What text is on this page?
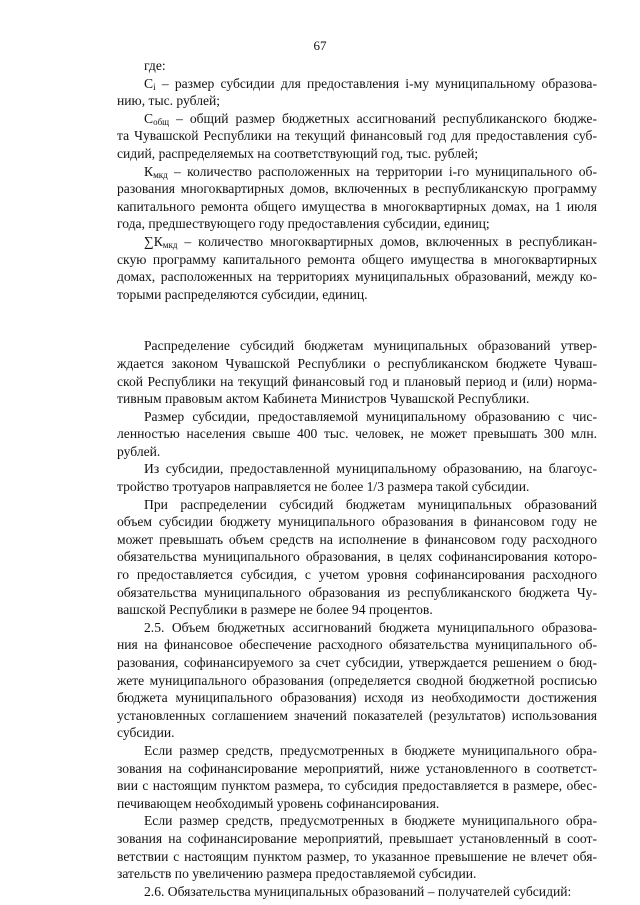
67
где:
$С_i$ – размер субсидии для предоставления i-му муниципальному образова-
нию, тыс. рублей;
$С_{общ}$ – общий размер бюджетных ассигнований республиканского бюдже-
та Чувашской Республики на текущий финансовый год для предоставления суб-
сидий, распределяемых на соответствующий год, тыс. рублей;
$К_{мкд}$ – количество расположенных на территории i-го муниципального об-
разования многоквартирных домов, включенных в республиканскую программу
капитального ремонта общего имущества в многоквартирных домах, на 1 июля
года, предшествующего году предоставления субсидии, единиц;
$\sum К_{мкд}$ – количество многоквартирных домов, включенных в республикан-
скую программу капитального ремонта общего имущества в многоквартирных
домах, расположенных на территориях муниципальных образований, между ко-
торыми распределяются субсидии, единиц.
Распределение субсидий бюджетам муниципальных образований утвер-
ждается законом Чувашской Республики о республиканском бюджете Чуваш-
ской Республики на текущий финансовый год и плановый период и (или) норма-
тивным правовым актом Кабинета Министров Чувашской Республики.
Размер субсидии, предоставляемой муниципальному образованию с чис-
ленностью населения свыше 400 тыс. человек, не может превышать 300 млн.
рублей.
Из субсидии, предоставленной муниципальному образованию, на благоус-
тройство тротуаров направляется не более 1/3 размера такой субсидии.
При распределении субсидий бюджетам муниципальных образований
объем субсидии бюджету муниципального образования в финансовом году не
может превышать объем средств на исполнение в финансовом году расходного
обязательства муниципального образования, в целях софинансирования которо-
го предоставляется субсидия, с учетом уровня софинансирования расходного
обязательства муниципального образования из республиканского бюджета Чу-
вашской Республики в размере не более 94 процентов.
2.5. Объем бюджетных ассигнований бюджета муниципального образова-
ния на финансовое обеспечение расходного обязательства муниципального об-
разования, софинансируемого за счет субсидии, утверждается решением о бюд-
жете муниципального образования (определяется сводной бюджетной росписью
бюджета муниципального образования) исходя из необходимости достижения
установленных соглашением значений показателей (результатов) использования
субсидии.
Если размер средств, предусмотренных в бюджете муниципального обра-
зования на софинансирование мероприятий, ниже установленного в соответст-
вии с настоящим пунктом размера, то субсидия предоставляется в размере, обес-
печивающем необходимый уровень софинансирования.
Если размер средств, предусмотренных в бюджете муниципального обра-
зования на софинансирование мероприятий, превышает установленный в соот-
ветствии с настоящим пунктом размер, то указанное превышение не влечет обя-
зательств по увеличению размера предоставляемой субсидии.
2.6. Обязательства муниципальных образований – получателей субсидий:
